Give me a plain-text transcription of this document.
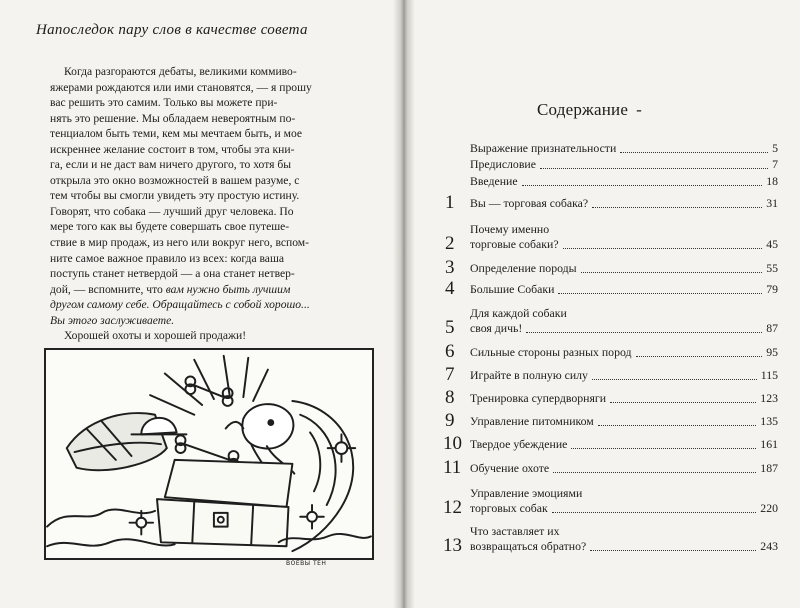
Напоследок пару слов в качестве совета
Когда разгораются дебаты, великими коммиво-
яжерами рождаются или ими становятся, — я прошу
вас решить это самим. Только вы можете при-
нять это решение. Мы обладаем невероятным по-
тенциалом быть теми, кем мы мечтаем быть, и мое
искреннее желание состоит в том, чтобы эта кни-
га, если и не даст вам ничего другого, то хотя бы
открыла это окно возможностей в вашем разуме, с
тем чтобы вы смогли увидеть эту простую истину.
Говорят, что собака — лучший друг человека. По
мере того как вы будете совершать свое путеше-
ствие в мир продаж, из него или вокруг него, вспом-
ните самое важное правило из всех: когда ваша
поступь станет нетвердой — а она станет нетвер-
дой, — вспомните, что вам нужно быть лучшим
другом самому себе. Обращайтесь с собой хорошо...
Вы этого заслуживаете.
Хорошей охоты и хорошей продажи!
ВОЕВЫ ТЕН
Содержание -
Выражение признательности	5
Предисловие	7
Введение	18
1 Вы — торговая собака?	31
2
Почему именно
торговые собаки?	45
3 Определение породы	55
4 Большие Собаки	79
5
Для каждой собаки
своя дичь!	87
6 Сильные стороны разных пород	95
7 Играйте в полную силу	115
8 Тренировка супердворняги	123
9 Управление питомником	135
10 Твердое убеждение	161
11 Обучение охоте	187
12
Управление эмоциями
торговых собак	220
13
Что заставляет их
возвращаться обратно?	243
